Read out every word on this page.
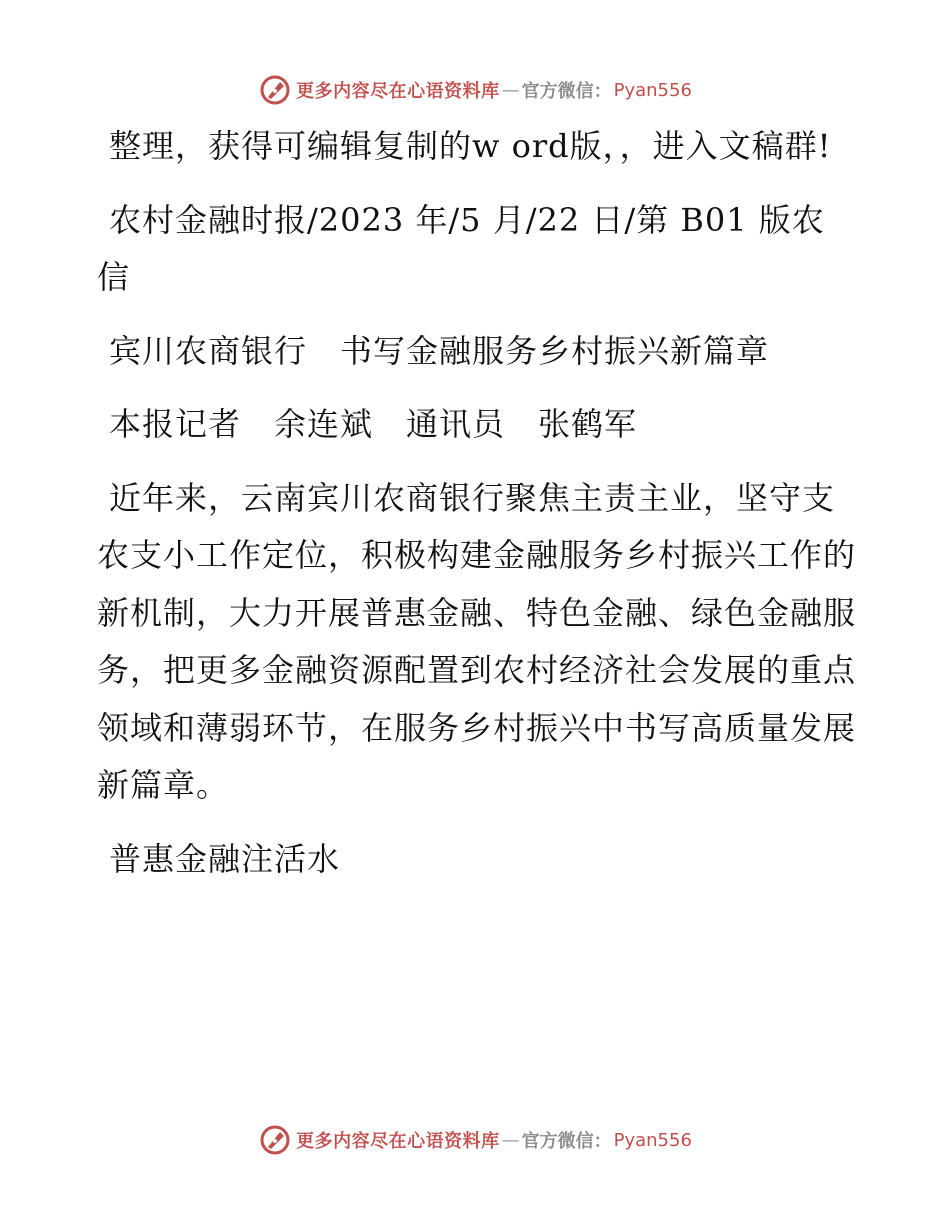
更多内容尽在心语资料库 — 官方微信： Pyan556

整理，获得可编辑复制的w ord版，，进入文稿群!

农村金融时报/2023 年/5 月/22 日/第 B01 版农信

宾川农商银行　书写金融服务乡村振兴新篇章

本报记者　余连斌　通讯员　张鹤军

近年来，云南宾川农商银行聚焦主责主业，坚守支农支小工作定位，积极构建金融服务乡村振兴工作的新机制，大力开展普惠金融、特色金融、绿色金融服务，把更多金融资源配置到农村经济社会发展的重点领域和薄弱环节，在服务乡村振兴中书写高质量发展新篇章。

普惠金融注活水

更多内容尽在心语资料库 — 官方微信： Pyan556
